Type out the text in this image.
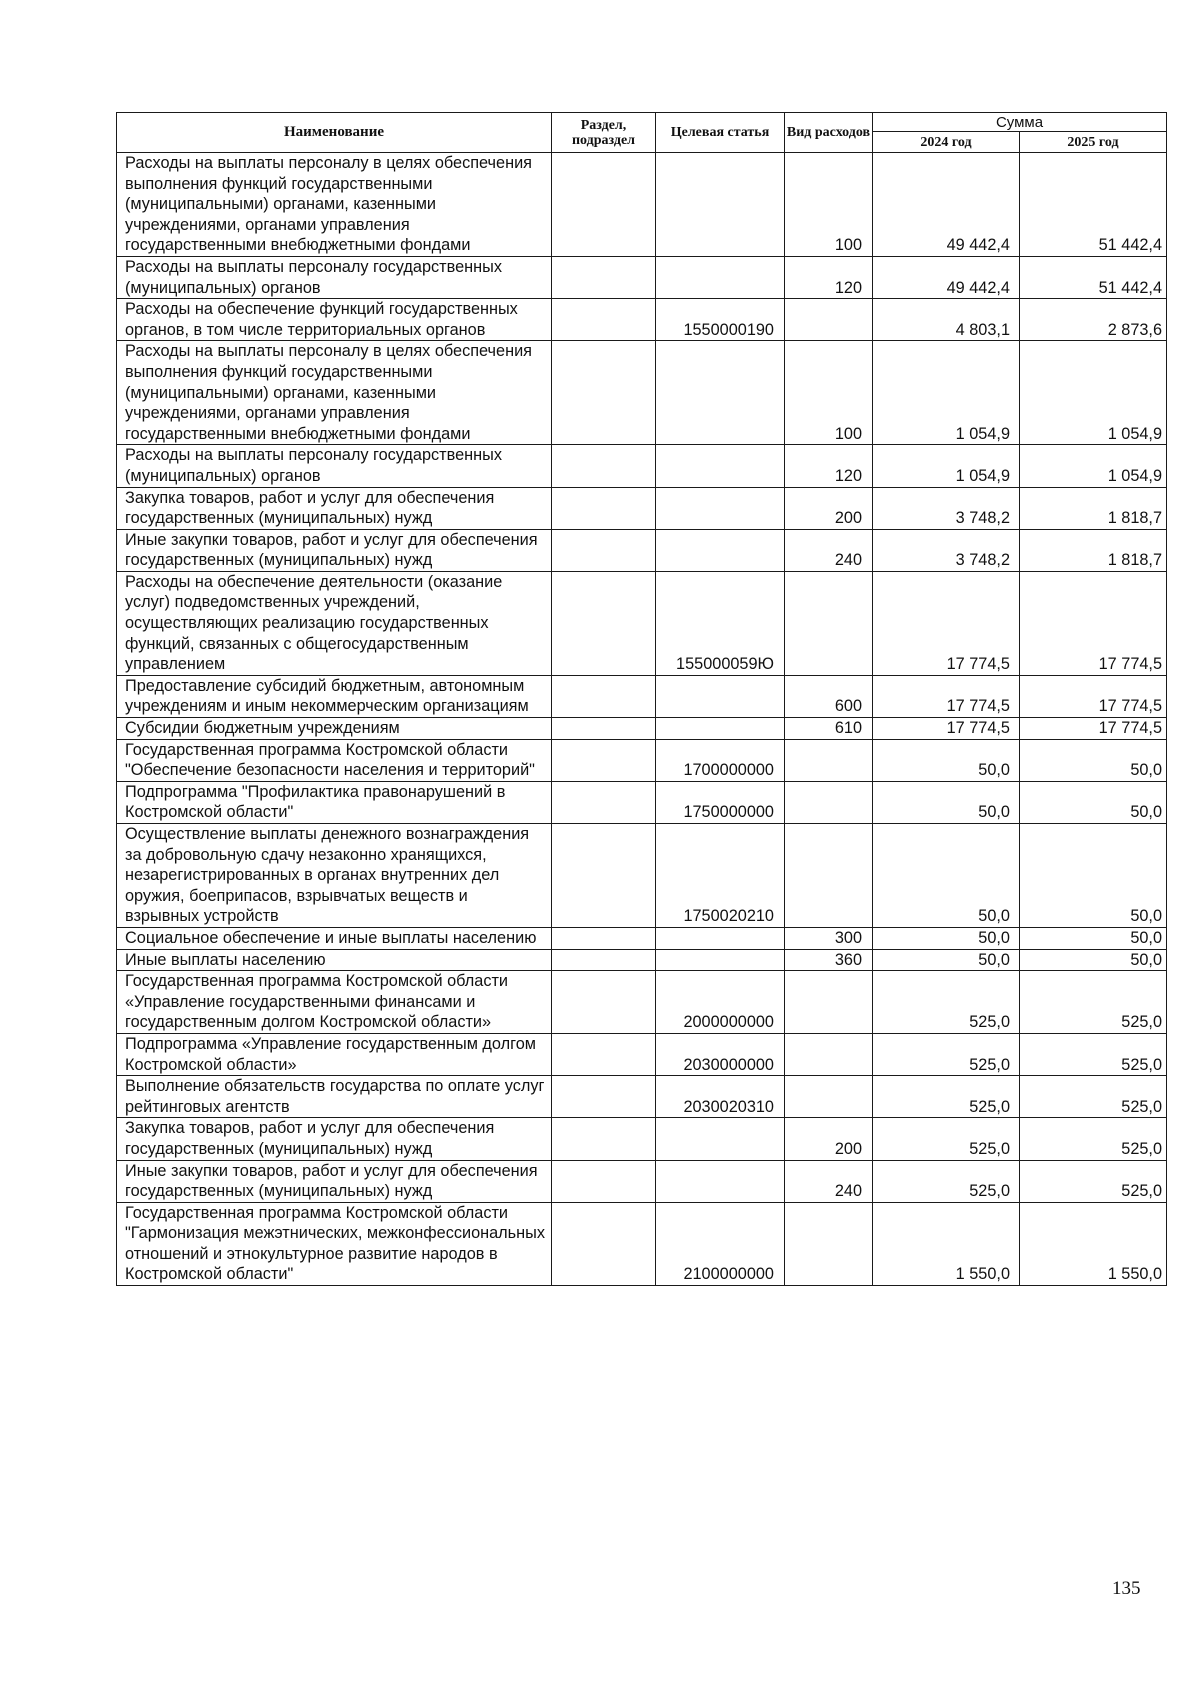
Наименование	Раздел, подраздел	Целевая статья	Вид расходов	Сумма	
				2024 год	2025 год
Расходы на выплаты персоналу в целях обеспечения выполнения функций государственными (муниципальными) органами, казенными учреждениями, органами управления государственными внебюджетными фондами			100	49 442,4	51 442,4
Расходы на выплаты персоналу государственных (муниципальных) органов			120	49 442,4	51 442,4
Расходы на обеспечение функций государственных органов, в том числе территориальных органов		1550000190		4 803,1	2 873,6
Расходы на выплаты персоналу в целях обеспечения выполнения функций государственными (муниципальными) органами, казенными учреждениями, органами управления государственными внебюджетными фондами			100	1 054,9	1 054,9
Расходы на выплаты персоналу государственных (муниципальных) органов			120	1 054,9	1 054,9
Закупка товаров, работ и услуг для обеспечения государственных (муниципальных) нужд			200	3 748,2	1 818,7
Иные закупки товаров, работ и услуг для обеспечения государственных (муниципальных) нужд			240	3 748,2	1 818,7
Расходы на обеспечение деятельности (оказание услуг) подведомственных учреждений, осуществляющих реализацию государственных функций, связанных с общегосударственным управлением		155000059Ю		17 774,5	17 774,5
Предоставление субсидий бюджетным, автономным учреждениям и иным некоммерческим организациям			600	17 774,5	17 774,5
Субсидии бюджетным учреждениям			610	17 774,5	17 774,5
Государственная программа Костромской области "Обеспечение безопасности населения и территорий"		1700000000		50,0	50,0
Подпрограмма "Профилактика правонарушений в Костромской области"		1750000000		50,0	50,0
Осуществление выплаты денежного вознаграждения за добровольную сдачу незаконно хранящихся, незарегистрированных в органах внутренних дел оружия, боеприпасов, взрывчатых веществ и взрывных устройств		1750020210		50,0	50,0
Социальное обеспечение и иные выплаты населению			300	50,0	50,0
Иные выплаты населению			360	50,0	50,0
Государственная программа Костромской области «Управление государственными финансами и государственным долгом Костромской области»		2000000000		525,0	525,0
Подпрограмма «Управление государственным долгом Костромской области»		2030000000		525,0	525,0
Выполнение обязательств государства по оплате услуг рейтинговых агентств		2030020310		525,0	525,0
Закупка товаров, работ и услуг для обеспечения государственных (муниципальных) нужд			200	525,0	525,0
Иные закупки товаров, работ и услуг для обеспечения государственных (муниципальных) нужд			240	525,0	525,0
Государственная программа Костромской области "Гармонизация межэтнических, межконфессиональных отношений и этнокультурное развитие народов в Костромской области"		2100000000		1 550,0	1 550,0
135
